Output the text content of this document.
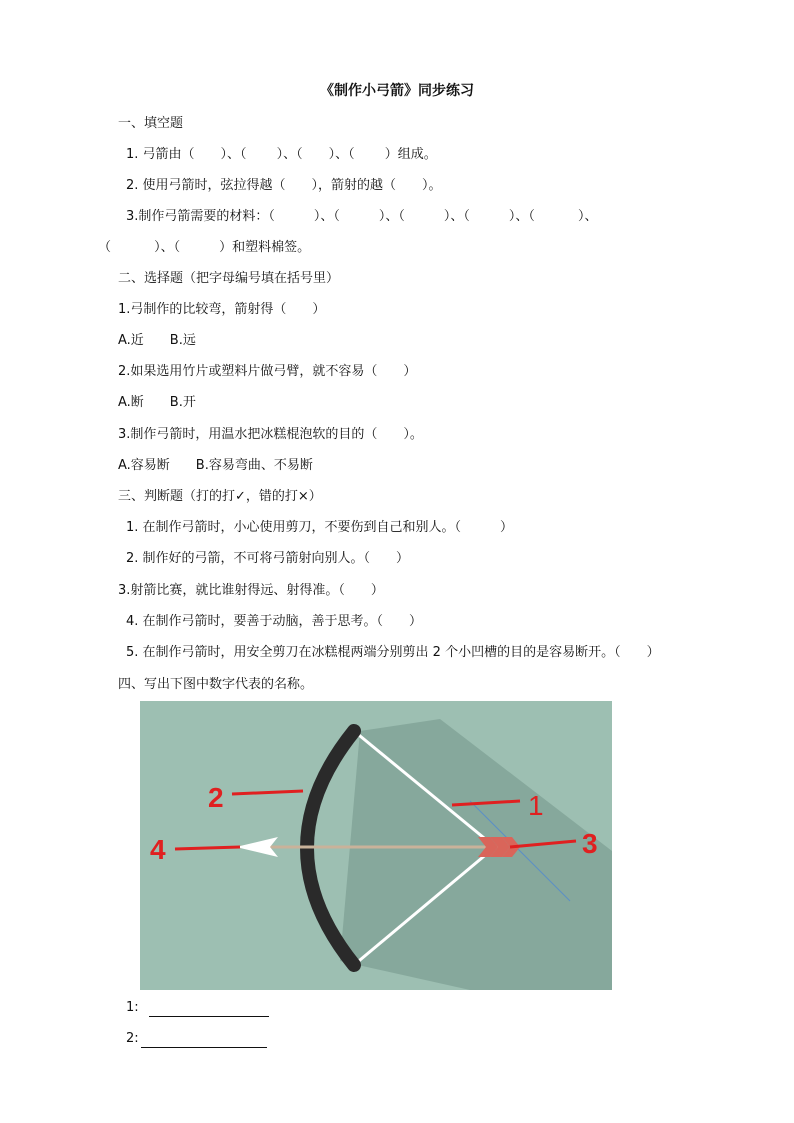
《制作小弓箭》同步练习
一、填空题
1. 弓箭由（　　）、（　　 ）、（　　）、（　　 ）组成。
2. 使用弓箭时，弦拉得越（　　），箭射的越（　　）。
3.制作弓箭需要的材料：（　　　）、（　　　）、（　　　）、（　　　）、（　　　 ）、
（　　　 ）、（　　　）和塑料棉签。
二、选择题（把字母编号填在括号里）
1.弓制作的比较弯，箭射得（　　）
A.近　　B.远
2.如果选用竹片或塑料片做弓臂，就不容易（　　）
A.断　　B.开
3.制作弓箭时，用温水把冰糕棍泡软的目的（　　）。
A.容易断　　B.容易弯曲、不易断
三、判断题（打的打✓，错的打×）
1. 在制作弓箭时，小心使用剪刀，不要伤到自己和别人。（　　　）
2. 制作好的弓箭，不可将弓箭射向别人。（　　）
3.射箭比赛，就比谁射得远、射得准。（　　）
4. 在制作弓箭时，要善于动脑，善于思考。（　　）
5. 在制作弓箭时，用安全剪刀在冰糕棍两端分别剪出 2 个小凹槽的目的是容易断开。（　　）
四、写出下图中数字代表的名称。
2	1
4	3
1:
2:
